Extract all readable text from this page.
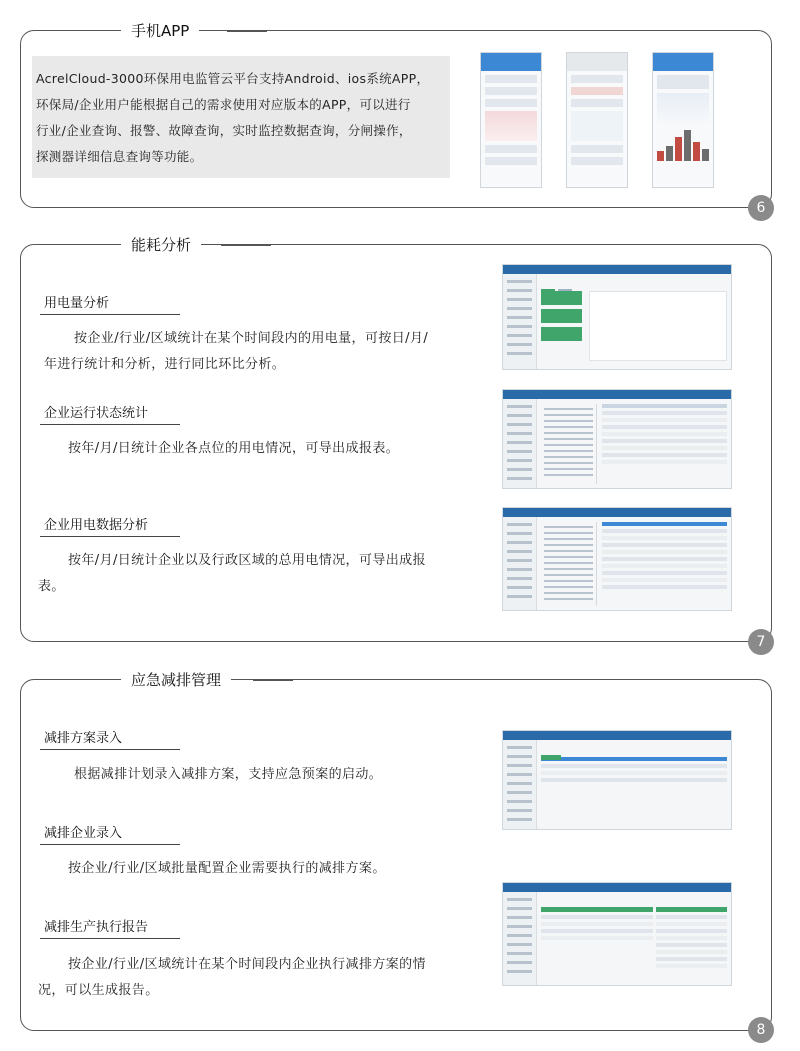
手机APP
6

AcrelCloud-3000环保用电监管云平台支持Android、ios系统APP，

环保局/企业用户能根据自己的需求使用对应版本的APP，可以进行

行业/企业查询、报警、故障查询，实时监控数据查询，分闸操作，

探测器详细信息查询等功能。

能耗分析
7
用电量分析
按企业/行业/区域统计在某个时间段内的用电量，可按日/月/
年进行统计和分析，进行同比环比分析。
企业运行状态统计
按年/月/日统计企业各点位的用电情况，可导出成报表。
企业用电数据分析
按年/月/日统计企业以及行政区域的总用电情况，可导出成报
表。
应急减排管理
8
减排方案录入
根据减排计划录入减排方案，支持应急预案的启动。
减排企业录入
按企业/行业/区域批量配置企业需要执行的减排方案。
减排生产执行报告
按企业/行业/区域统计在某个时间段内企业执行减排方案的情
况，可以生成报告。
